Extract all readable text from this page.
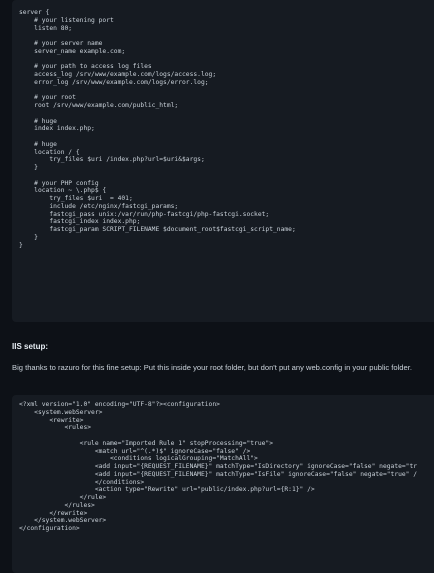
server {
# your listening port
listen 80;
# your server name
server_name example.com;
# your path to access log files
access_log /srv/www/example.com/logs/access.log;
error_log /srv/www/example.com/logs/error.log;
# your root
root /srv/www/example.com/public_html;
# huge
index index.php;
# huge
location / {
try_files $uri /index.php?url=$uri&$args;
}
# your PHP config
location ~ \.php$ {
try_files $uri  = 401;
include /etc/nginx/fastcgi_params;
fastcgi_pass unix:/var/run/php-fastcgi/php-fastcgi.socket;
fastcgi_index index.php;
fastcgi_param SCRIPT_FILENAME $document_root$fastcgi_script_name;
}
}
IIS setup:

Big thanks to razuro for this fine setup: Put this inside your root folder, but don't put any web.config in your public folder.

<?xml version="1.0" encoding="UTF-8"?><configuration>
<system.webServer>
<rewrite>
<rules>
<rule name="Imported Rule 1" stopProcessing="true">
<match url="^(.*)$" ignoreCase="false" />
<conditions logicalGrouping="MatchAll">
<add input="{REQUEST_FILENAME}" matchType="IsDirectory" ignoreCase="false" negate="tr
<add input="{REQUEST_FILENAME}" matchType="IsFile" ignoreCase="false" negate="true" /
</conditions>
<action type="Rewrite" url="public/index.php?url={R:1}" />
</rule>
</rules>
</rewrite>
</system.webServer>
</configuration>
